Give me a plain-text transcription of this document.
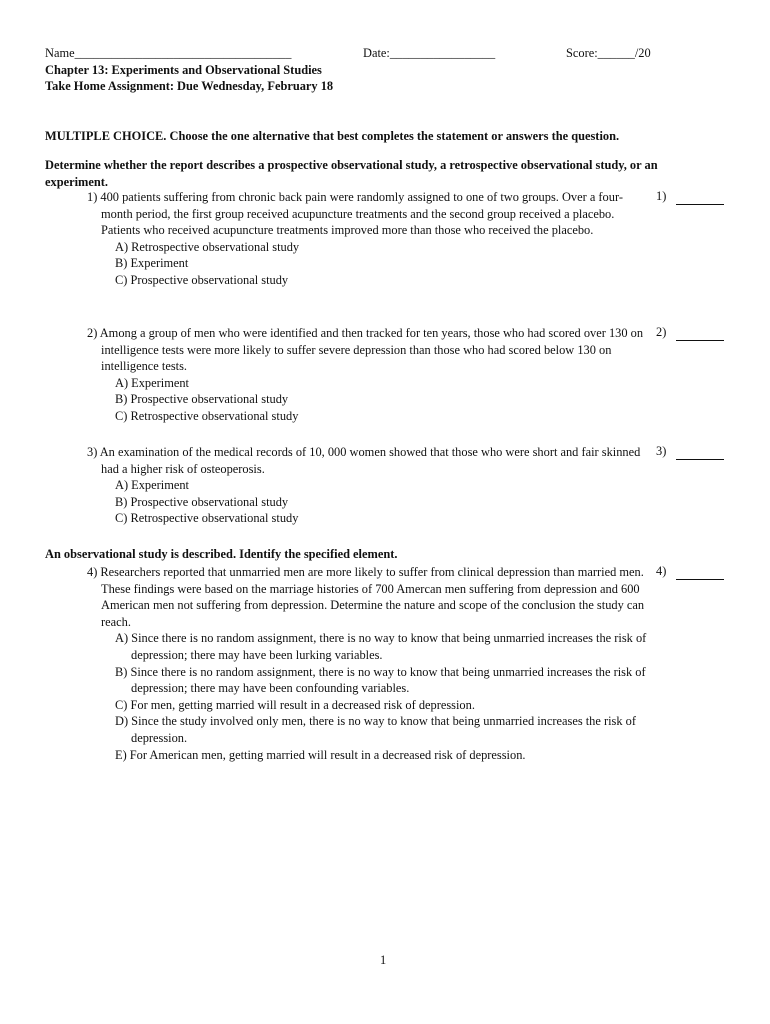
Name___________________________________	Date:_________________	Score:______/20
Chapter 13: Experiments and Observational Studies
Take Home Assignment: Due Wednesday, February 18
MULTIPLE CHOICE. Choose the one alternative that best completes the statement or answers the question.
Determine whether the report describes a prospective observational study, a retrospective observational study, or an experiment.
1) 400 patients suffering from chronic back pain were randomly assigned to one of two groups. Over a four- month period, the first group received acupuncture treatments and the second group received a placebo. Patients who received acupuncture treatments improved more than those who received the placebo.
A) Retrospective observational study
B) Experiment
C) Prospective observational study
1)
2) Among a group of men who were identified and then tracked for ten years, those who had scored over 130 on intelligence tests were more likely to suffer severe depression than those who had scored below 130 on intelligence tests.
A) Experiment
B) Prospective observational study
C) Retrospective observational study
2)
3) An examination of the medical records of 10, 000 women showed that those who were short and fair skinned had a higher risk of osteoperosis.
A) Experiment
B) Prospective observational study
C) Retrospective observational study
3)
An observational study is described. Identify the specified element.
4) Researchers reported that unmarried men are more likely to suffer from clinical depression than married men. These findings were based on the marriage histories of 700 Amercan men suffering from depression and 600 American men not suffering from depression. Determine the nature and scope of the conclusion the study can reach.
A) Since there is no random assignment, there is no way to know that being unmarried increases the risk of depression; there may have been lurking variables.
B) Since there is no random assignment, there is no way to know that being unmarried increases the risk of depression; there may have been confounding variables.
C) For men, getting married will result in a decreased risk of depression.
D) Since the study involved only men, there is no way to know that being unmarried increases the risk of depression.
E) For American men, getting married will result in a decreased risk of depression.
4)
1
